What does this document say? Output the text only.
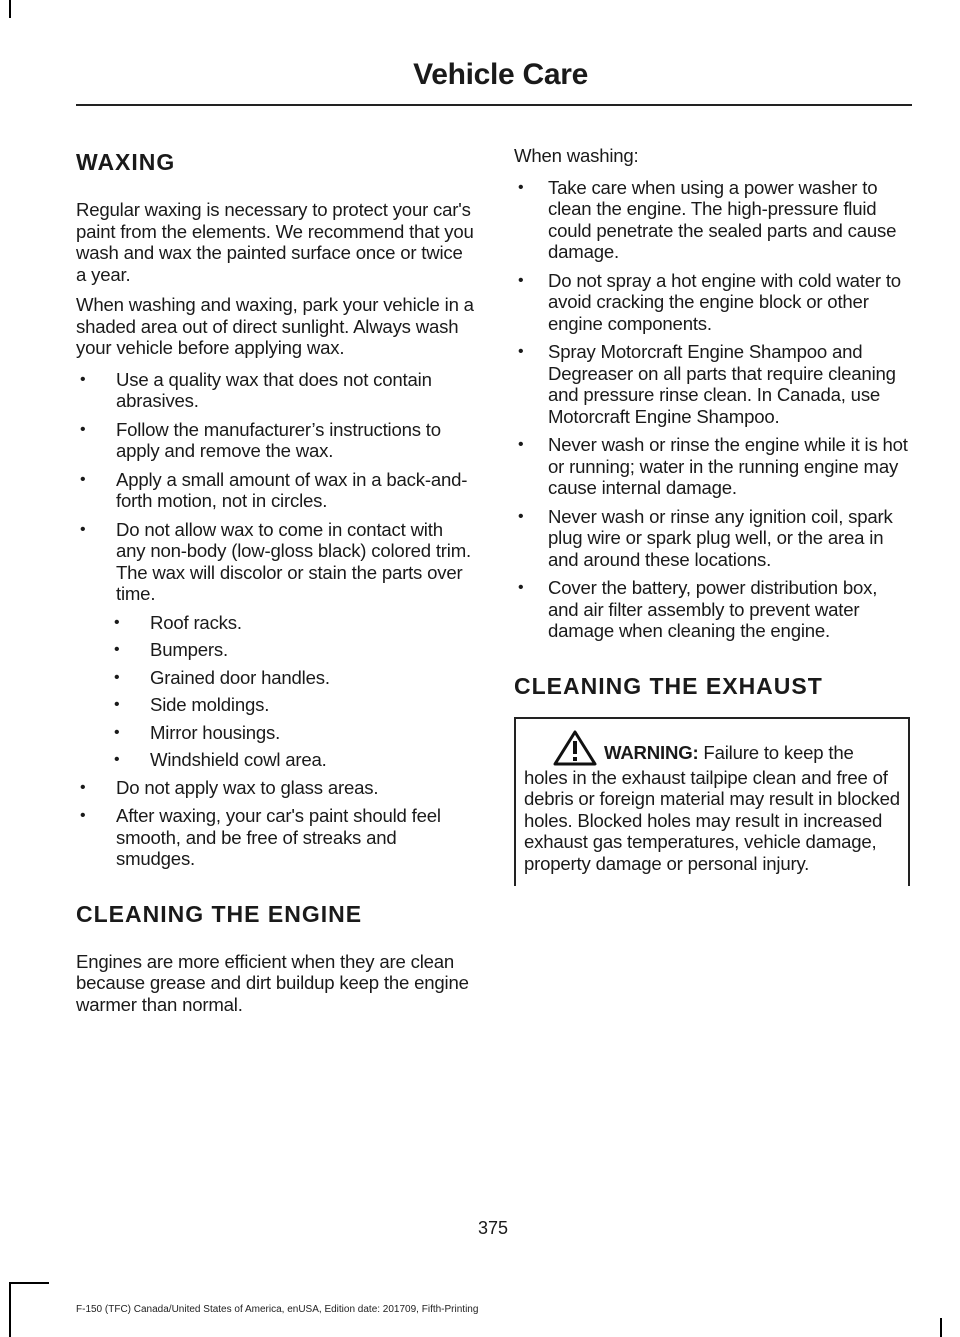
Vehicle Care
WAXING

Regular waxing is necessary to protect your car's paint from the elements. We recommend that you wash and wax the painted surface once or twice a year.

When washing and waxing, park your vehicle in a shaded area out of direct sunlight. Always wash your vehicle before applying wax.

• Use a quality wax that does not contain abrasives.
• Follow the manufacturer’s instructions to apply and remove the wax.
• Apply a small amount of wax in a back-and-forth motion, not in circles.
• Do not allow wax to come in contact with any non-body (low-gloss black) colored trim. The wax will discolor or stain the parts over time.
• Roof racks.
• Bumpers.
• Grained door handles.
• Side moldings.
• Mirror housings.
• Windshield cowl area.
• Do not apply wax to glass areas.
• After waxing, your car's paint should feel smooth, and be free of streaks and smudges.
CLEANING THE ENGINE

Engines are more efficient when they are clean because grease and dirt buildup keep the engine warmer than normal.

When washing:

• Take care when using a power washer to clean the engine. The high-pressure fluid could penetrate the sealed parts and cause damage.
• Do not spray a hot engine with cold water to avoid cracking the engine block or other engine components.
• Spray Motorcraft Engine Shampoo and Degreaser on all parts that require cleaning and pressure rinse clean. In Canada, use Motorcraft Engine Shampoo.
• Never wash or rinse the engine while it is hot or running; water in the running engine may cause internal damage.
• Never wash or rinse any ignition coil, spark plug wire or spark plug well, or the area in and around these locations.
• Cover the battery, power distribution box, and air filter assembly to prevent water damage when cleaning the engine.
CLEANING THE EXHAUST

WARNING: Failure to keep the holes in the exhaust tailpipe clean and free of debris or foreign material may result in blocked holes. Blocked holes may result in increased exhaust gas temperatures, vehicle damage, property damage or personal injury.

375
F-150 (TFC) Canada/United States of America, enUSA, Edition date: 201709, Fifth-Printing
